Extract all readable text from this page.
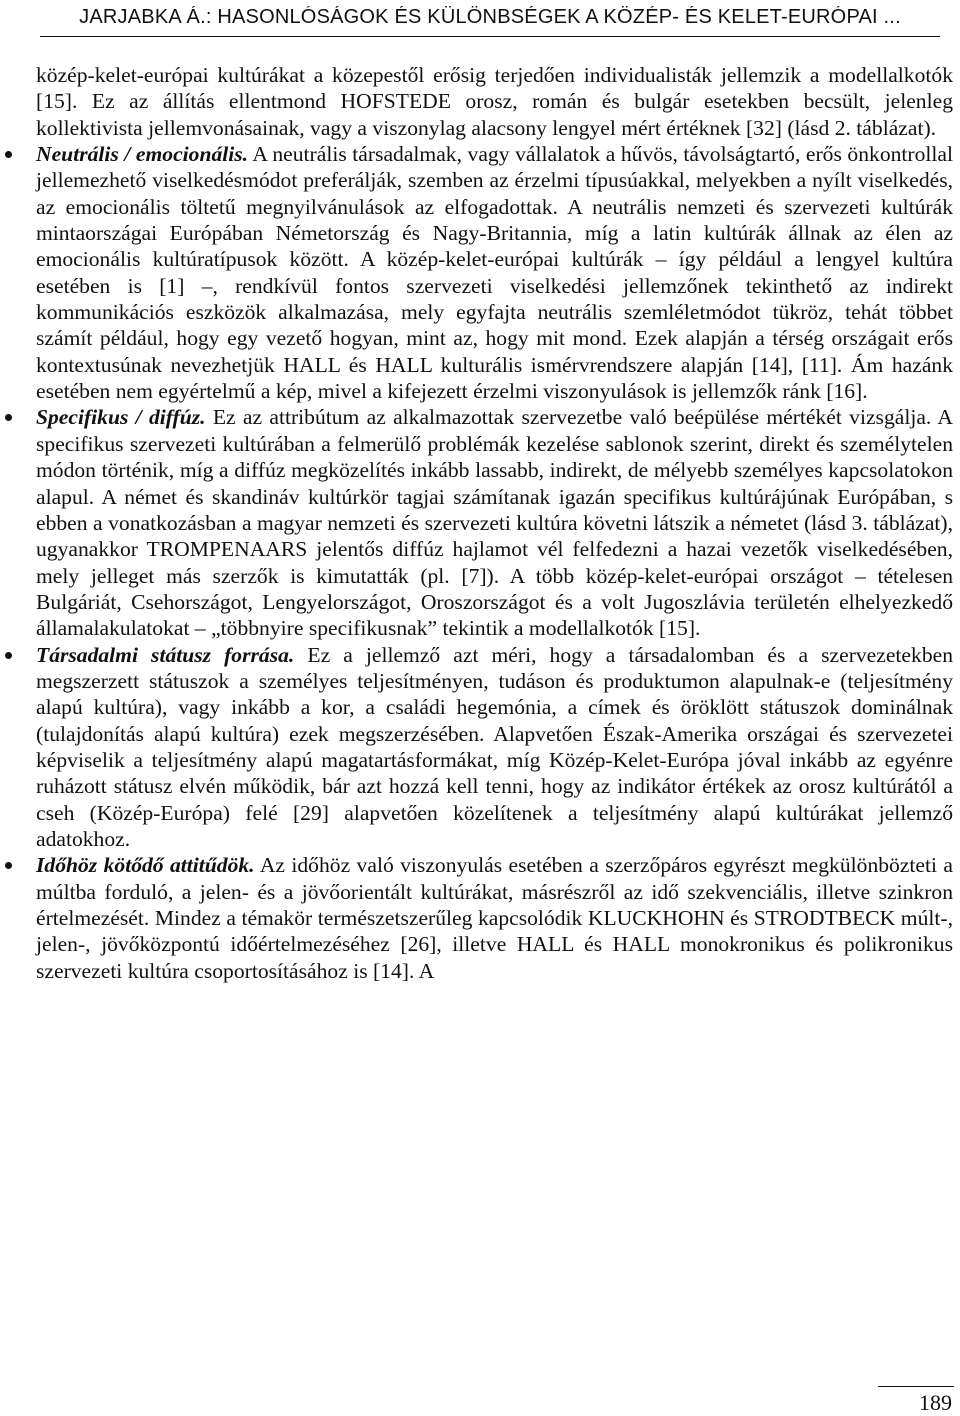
JARJABKA Á.: HASONLÓSÁGOK ÉS KÜLÖNBSÉGEK A KÖZÉP- ÉS KELET-EURÓPAI ...

közép-kelet-európai kultúrákat a közepestől erősig terjedően individualisták jellemzik a modellalkotók [15]. Ez az állítás ellentmond HOFSTEDE orosz, román és bulgár esetekben becsült, jelenleg kollektivista jellemvonásainak, vagy a viszonylag alacsony lengyel mért értéknek [32] (lásd 2. táblázat).

Neutrális / emocionális. A neutrális társadalmak, vagy vállalatok a hűvös, távolságtartó, erős önkontrollal jellemezhető viselkedésmódot preferálják, szemben az érzelmi típusúakkal, melyekben a nyílt viselkedés, az emocionális töltetű megnyilvánulások az elfogadottak. A neutrális nemzeti és szervezeti kultúrák mintaországai Európában Németország és Nagy-Britannia, míg a latin kultúrák állnak az élen az emocionális kultúratípusok között. A közép-kelet-európai kultúrák – így például a lengyel kultúra esetében is [1] –, rendkívül fontos szervezeti viselkedési jellemzőnek tekinthető az indirekt kommunikációs eszközök alkalmazása, mely egyfajta neutrális szemléletmódot tükröz, tehát többet számít például, hogy egy vezető hogyan, mint az, hogy mit mond. Ezek alapján a térség országait erős kontextusúnak nevezhetjük HALL és HALL kulturális ismérvrendszere alapján [14], [11]. Ám hazánk esetében nem egyértelmű a kép, mivel a kifejezett érzelmi viszonyulások is jellemzők ránk [16].
Specifikus / diffúz. Ez az attribútum az alkalmazottak szervezetbe való beépülése mértékét vizsgálja. A specifikus szervezeti kultúrában a felmerülő problémák kezelése sablonok szerint, direkt és személytelen módon történik, míg a diffúz megközelítés inkább lassabb, indirekt, de mélyebb személyes kapcsolatokon alapul. A német és skandináv kultúrkör tagjai számítanak igazán specifikus kultúrájúnak Európában, s ebben a vonatkozásban a magyar nemzeti és szervezeti kultúra követni látszik a németet (lásd 3. táblázat), ugyanakkor TROMPENAARS jelentős diffúz hajlamot vél felfedezni a hazai vezetők viselkedésében, mely jelleget más szerzők is kimutatták (pl. [7]). A több közép-kelet-európai országot – tételesen Bulgáriát, Csehországot, Lengyelországot, Oroszországot és a volt Jugoszlávia területén elhelyezkedő államalakulatokat – „többnyire specifikusnak” tekintik a modellalkotók [15].
Társadalmi státusz forrása. Ez a jellemző azt méri, hogy a társadalomban és a szervezetekben megszerzett státuszok a személyes teljesítményen, tudáson és produktumon alapulnak-e (teljesítmény alapú kultúra), vagy inkább a kor, a családi hegemónia, a címek és öröklött státuszok dominálnak (tulajdonítás alapú kultúra) ezek megszerzésében. Alapvetően Észak-Amerika országai és szervezetei képviselik a teljesítmény alapú magatartásformákat, míg Közép-Kelet-Európa jóval inkább az egyénre ruházott státusz elvén működik, bár azt hozzá kell tenni, hogy az indikátor értékek az orosz kultúrától a cseh (Közép-Európa) felé [29] alapvetően közelítenek a teljesítmény alapú kultúrákat jellemző adatokhoz.
Időhöz kötődő attitűdök. Az időhöz való viszonyulás esetében a szerzőpáros egyrészt megkülönbözteti a múltba forduló, a jelen- és a jövőorientált kultúrákat, másrészről az idő szekvenciális, illetve szinkron értelmezését. Mindez a témakör természetszerűleg kapcsolódik KLUCKHOHN és STRODTBECK múlt-, jelen-, jövőközpontú időértelmezéséhez [26], illetve HALL és HALL monokronikus és polikronikus szervezeti kultúra csoportosításához is [14]. A
189
